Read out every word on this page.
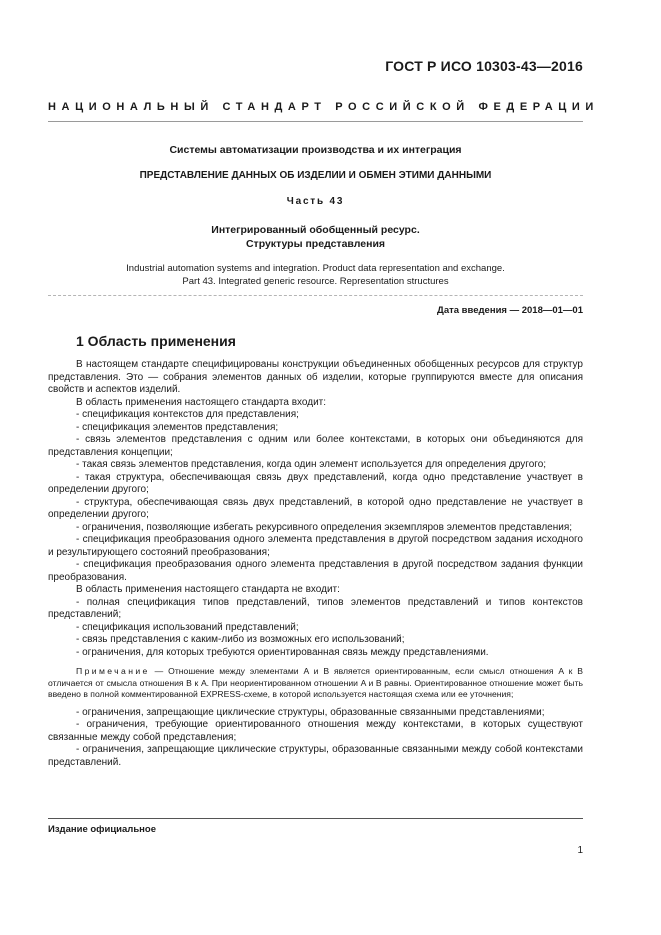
ГОСТ Р ИСО 10303-43—2016
НАЦИОНАЛЬНЫЙ СТАНДАРТ РОССИЙСКОЙ ФЕДЕРАЦИИ
Системы автоматизации производства и их интеграция
ПРЕДСТАВЛЕНИЕ ДАННЫХ ОБ ИЗДЕЛИИ И ОБМЕН ЭТИМИ ДАННЫМИ
Часть 43
Интегрированный обобщенный ресурс.
Структуры представления
Industrial automation systems and integration. Product data representation and exchange.
Part 43. Integrated generic resource. Representation structures
Дата введения — 2018—01—01
1 Область применения

В настоящем стандарте специфицированы конструкции объединенных обобщенных ресурсов для структур представления. Это — собрания элементов данных об изделии, которые группируются вместе для описания свойств и аспектов изделий.

В область применения настоящего стандарта входит:

- спецификация контекстов для представления;

- спецификация элементов представления;

- связь элементов представления с одним или более контекстами, в которых они объединяются для представления концепции;

- такая связь элементов представления, когда один элемент используется для определения другого;

- такая структура, обеспечивающая связь двух представлений, когда одно представление участвует в определении другого;

- структура, обеспечивающая связь двух представлений, в которой одно представление не участвует в определении другого;

- ограничения, позволяющие избегать рекурсивного определения экземпляров элементов представления;

- спецификация преобразования одного элемента представления в другой посредством задания исходного и результирующего состояний преобразования;

- спецификация преобразования одного элемента представления в другой посредством задания функции преобразования.

В область применения настоящего стандарта не входит:

- полная спецификация типов представлений, типов элементов представлений и типов контекстов представлений;

- спецификация использований представлений;

- связь представления с каким-либо из возможных его использований;

- ограничения, для которых требуются ориентированная связь между представлениями.

Примечание — Отношение между элементами A и B является ориентированным, если смысл отношения A к B отличается от смысла отношения B к A. При неориентированном отношении A и B равны. Ориентированное отношение может быть введено в полной комментированной EXPRESS-схеме, в которой используется настоящая схема или ее уточнения;

- ограничения, запрещающие циклические структуры, образованные связанными представлениями;

- ограничения, требующие ориентированного отношения между контекстами, в которых существуют связанные между собой представления;

- ограничения, запрещающие циклические структуры, образованные связанными между собой контекстами представлений.

Издание официальное
1
